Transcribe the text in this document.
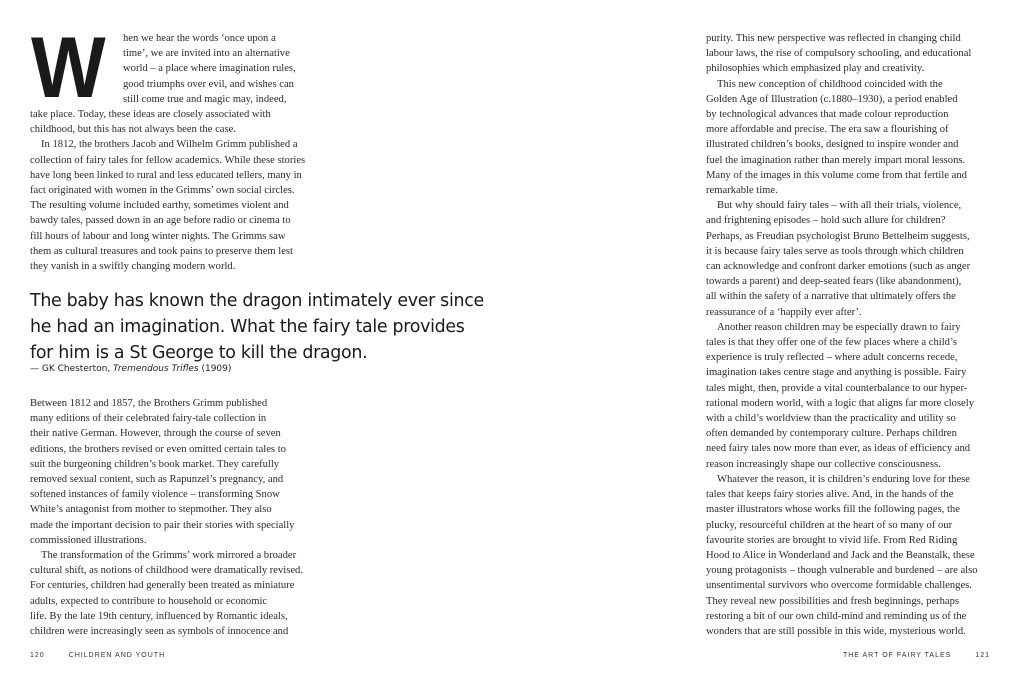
W hen we hear the words ‘once upon a
time’, we are invited into an alternative
world – a place where imagination rules,
good triumphs over evil, and wishes can
still come true and magic may, indeed,
take place. Today, these ideas are closely associated with
childhood, but this has not always been the case.
In 1812, the brothers Jacob and Wilhelm Grimm published a
collection of fairy tales for fellow academics. While these stories
have long been linked to rural and less educated tellers, many in
fact originated with women in the Grimms’ own social circles.
The resulting volume included earthy, sometimes violent and
bawdy tales, passed down in an age before radio or cinema to
fill hours of labour and long winter nights. The Grimms saw
them as cultural treasures and took pains to preserve them lest
they vanish in a swiftly changing modern world.
The baby has known the dragon intimately ever since
he had an imagination. What the fairy tale provides
for him is a St George to kill the dragon.
— GK Chesterton, Tremendous Trifles (1909)
Between 1812 and 1857, the Brothers Grimm published
many editions of their celebrated fairy-tale collection in
their native German. However, through the course of seven
editions, the brothers revised or even omitted certain tales to
suit the burgeoning children’s book market. They carefully
removed sexual content, such as Rapunzel’s pregnancy, and
softened instances of family violence – transforming Snow
White’s antagonist from mother to stepmother. They also
made the important decision to pair their stories with specially
commissioned illustrations.
The transformation of the Grimms’ work mirrored a broader
cultural shift, as notions of childhood were dramatically revised.
For centuries, children had generally been treated as miniature
adults, expected to contribute to household or economic
life. By the late 19th century, influenced by Romantic ideals,
children were increasingly seen as symbols of innocence and
120	CHILDREN AND YOUTH
purity. This new perspective was reflected in changing child
labour laws, the rise of compulsory schooling, and educational
philosophies which emphasized play and creativity.
This new conception of childhood coincided with the
Golden Age of Illustration (c.1880–1930), a period enabled
by technological advances that made colour reproduction
more affordable and precise. The era saw a flourishing of
illustrated children’s books, designed to inspire wonder and
fuel the imagination rather than merely impart moral lessons.
Many of the images in this volume come from that fertile and
remarkable time.
But why should fairy tales – with all their trials, violence,
and frightening episodes – hold such allure for children?
Perhaps, as Freudian psychologist Bruno Bettelheim suggests,
it is because fairy tales serve as tools through which children
can acknowledge and confront darker emotions (such as anger
towards a parent) and deep-seated fears (like abandonment),
all within the safety of a narrative that ultimately offers the
reassurance of a ‘happily ever after’.
Another reason children may be especially drawn to fairy
tales is that they offer one of the few places where a child’s
experience is truly reflected – where adult concerns recede,
imagination takes centre stage and anything is possible. Fairy
tales might, then, provide a vital counterbalance to our hyper-
rational modern world, with a logic that aligns far more closely
with a child’s worldview than the practicality and utility so
often demanded by contemporary culture. Perhaps children
need fairy tales now more than ever, as ideas of efficiency and
reason increasingly shape our collective consciousness.
Whatever the reason, it is children’s enduring love for these
tales that keeps fairy stories alive. And, in the hands of the
master illustrators whose works fill the following pages, the
plucky, resourceful children at the heart of so many of our
favourite stories are brought to vivid life. From Red Riding
Hood to Alice in Wonderland and Jack and the Beanstalk, these
young protagonists – though vulnerable and burdened – are also
unsentimental survivors who overcome formidable challenges.
They reveal new possibilities and fresh beginnings, perhaps
restoring a bit of our own child-mind and reminding us of the
wonders that are still possible in this wide, mysterious world.
THE ART OF FAIRY TALES	121
